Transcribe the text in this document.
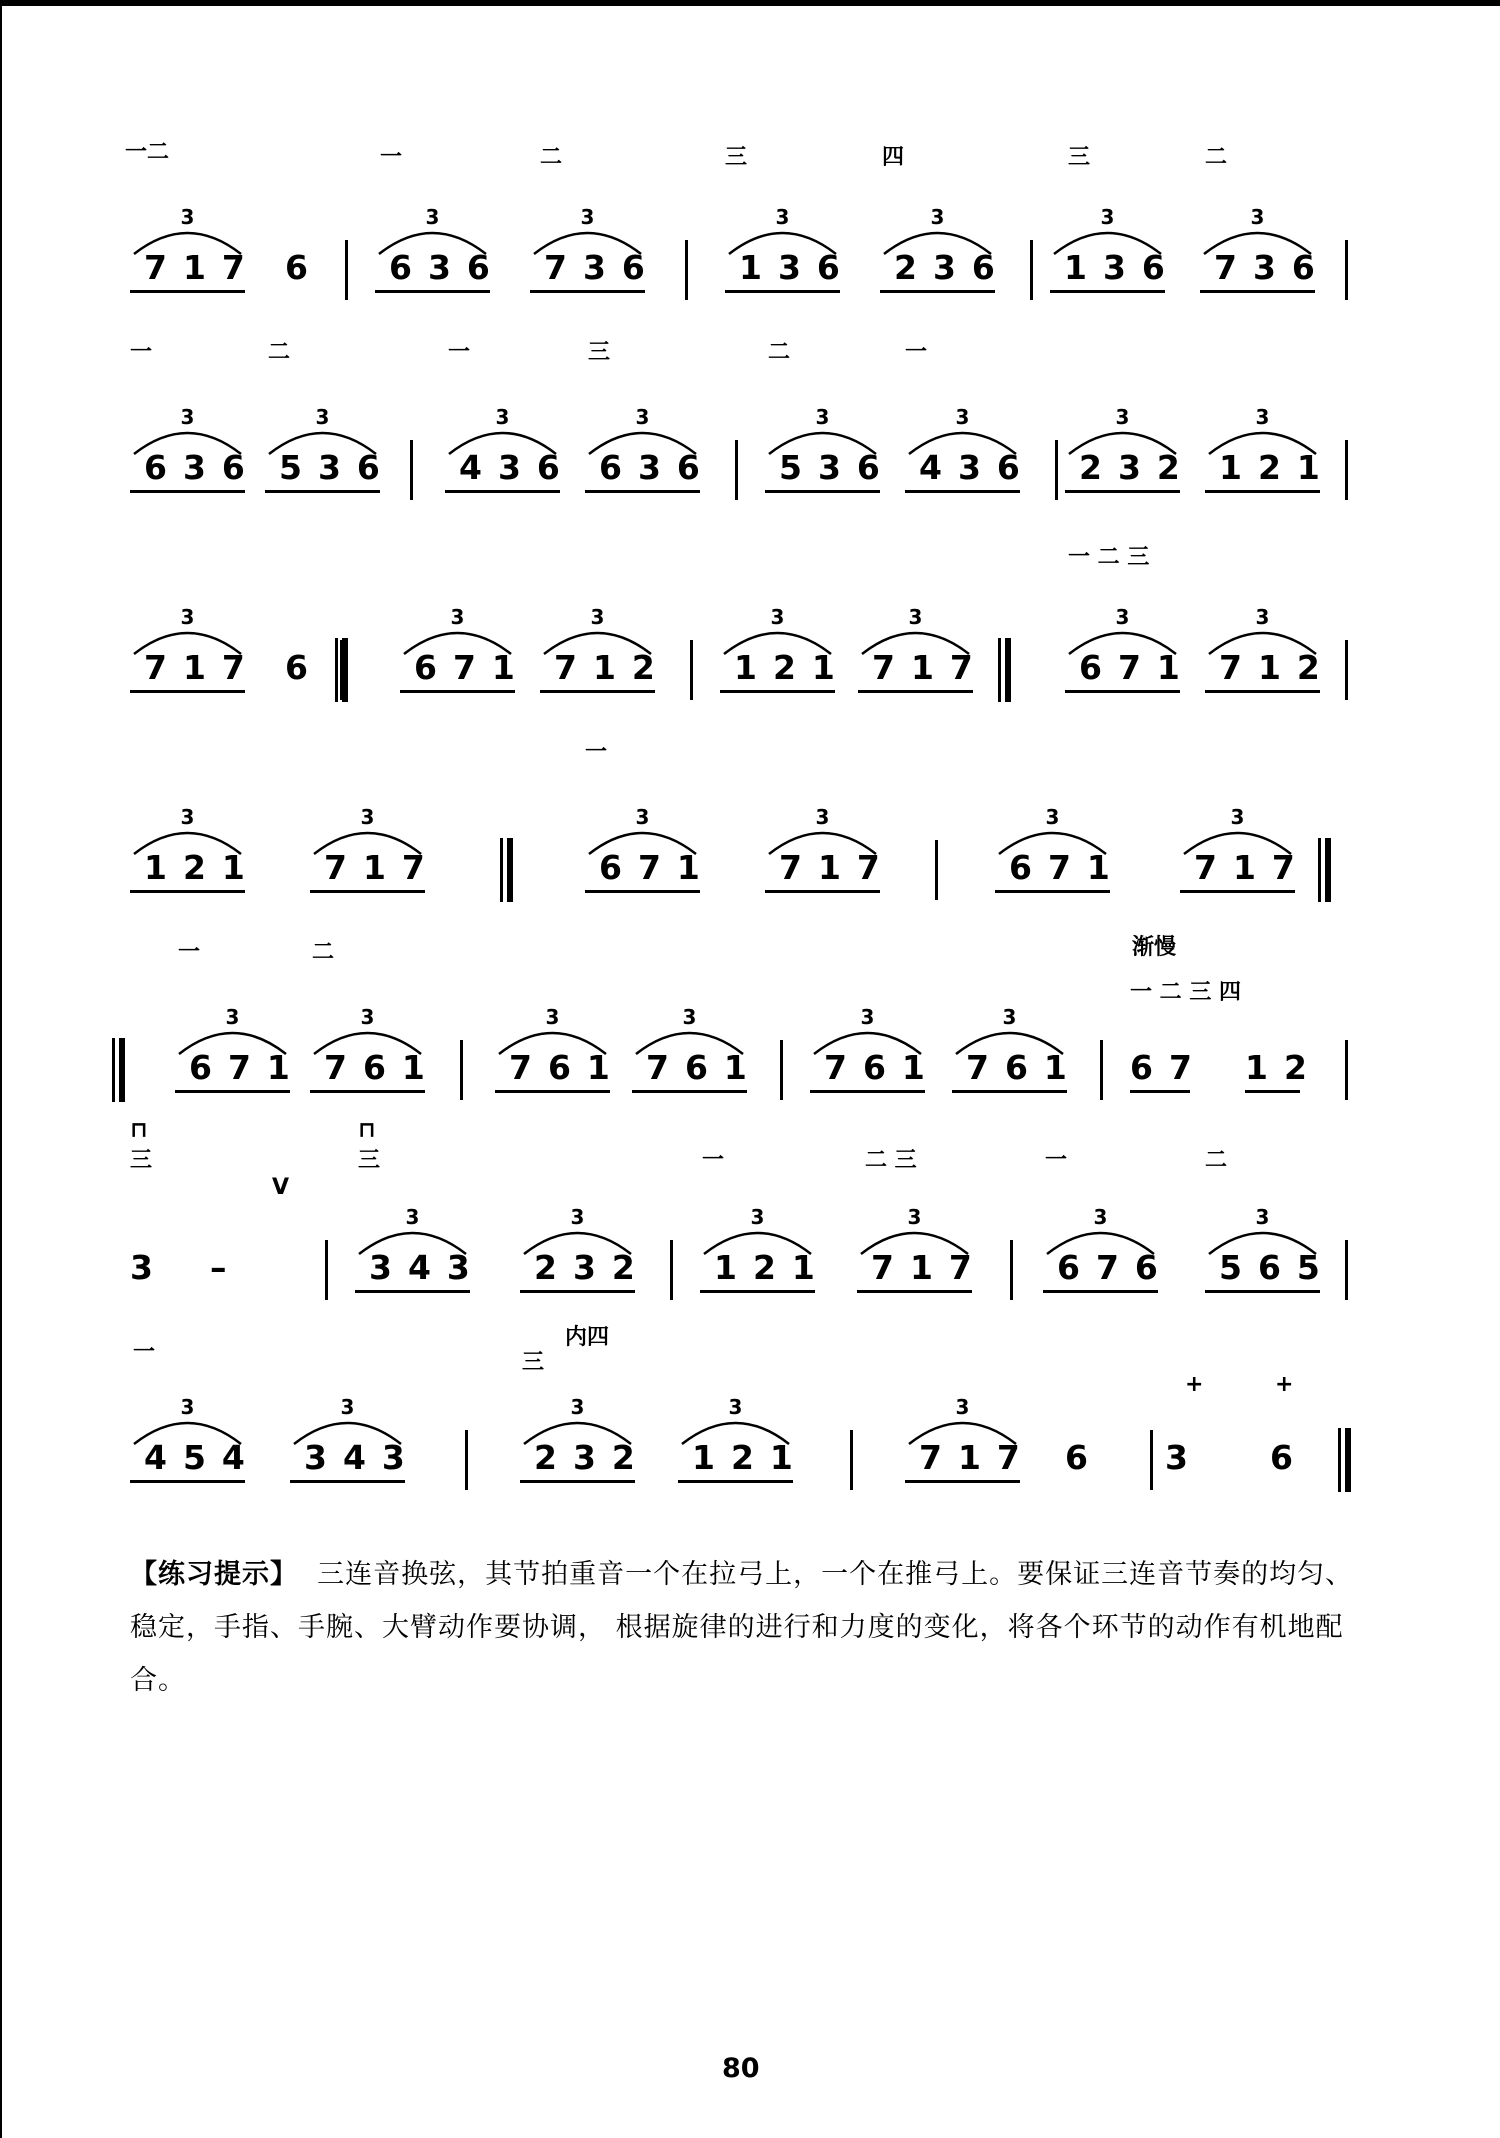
3
717 6
3
636
3
736
3
136
3
236
3
136
3
736
3
636
3
536
3
436
3
636
3
536
3
436
3
232
3
121
3
717 6
3
671
3
712
3
121
3
717
3
671
3
712
3
121
3
717
3
671
3
717
3
671
3
717
3
671
3
761
3
761
3
761
3
761
3
761 67 12
3 –
3
343
3
232
3
121
3
717
3
676
3
565
3
454
3
343
3
232
3
121
3
717 6 3 6
【练习提示】 三连音换弦，其节拍重音一个在拉弓上，一个在推弓上。要保证三连音节奏的均匀、稳定，手指、手腕、大臂动作要协调， 根据旋律的进行和力度的变化，将各个环节的动作有机地配合。
80
一二	一	二	三	四	三	二
一	二	一	三	二	一
一 二 三
一
一	二	渐慢
一 二 三 四
⊓
三
V
⊓
三	一	二 三	一	二
一
内四
三
+	+
